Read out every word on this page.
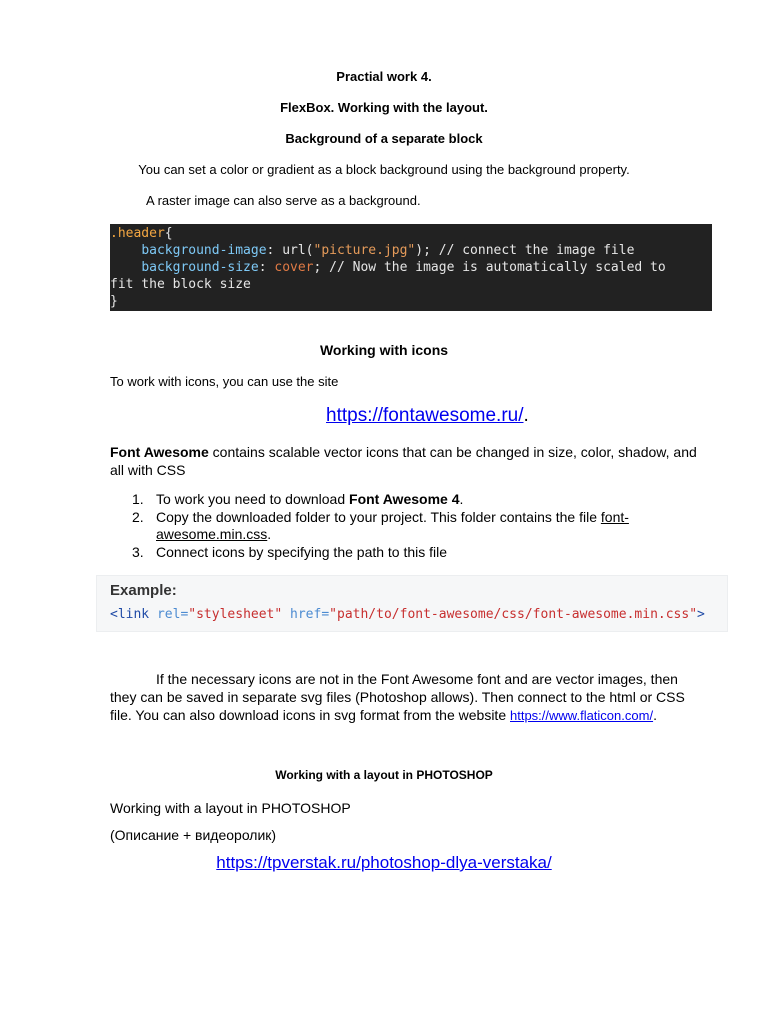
Practial work 4.
FlexBox. Working with the layout.
Background of a separate block
You can set a color or gradient as a block background using the background property.
A raster image can also serve as a background.
.header{
background-image: url("picture.jpg"); // connect the image file
background-size: cover; // Now the image is automatically scaled to
fit the block size
}
Working with icons
To work with icons, you can use the site
https://fontawesome.ru/.
Font Awesome contains scalable vector icons that can be changed in size, color, shadow, and
all with CSS
1. To work you need to download Font Awesome 4.
2. Copy the downloaded folder to your project. This folder contains the file font-
awesome.min.css.
3. Connect icons by specifying the path to this file
Example:
<link rel="stylesheet" href="path/to/font-awesome/css/font-awesome.min.css">
If the necessary icons are not in the Font Awesome font and are vector images, then
they can be saved in separate svg files (Photoshop allows). Then connect to the html or CSS
file. You can also download icons in svg format from the website https://www.flaticon.com/.
Working with a layout in PHOTOSHOP
Working with a layout in PHOTOSHOP
(Описание + видеоролик)
https://tpverstak.ru/photoshop-dlya-verstaka/
